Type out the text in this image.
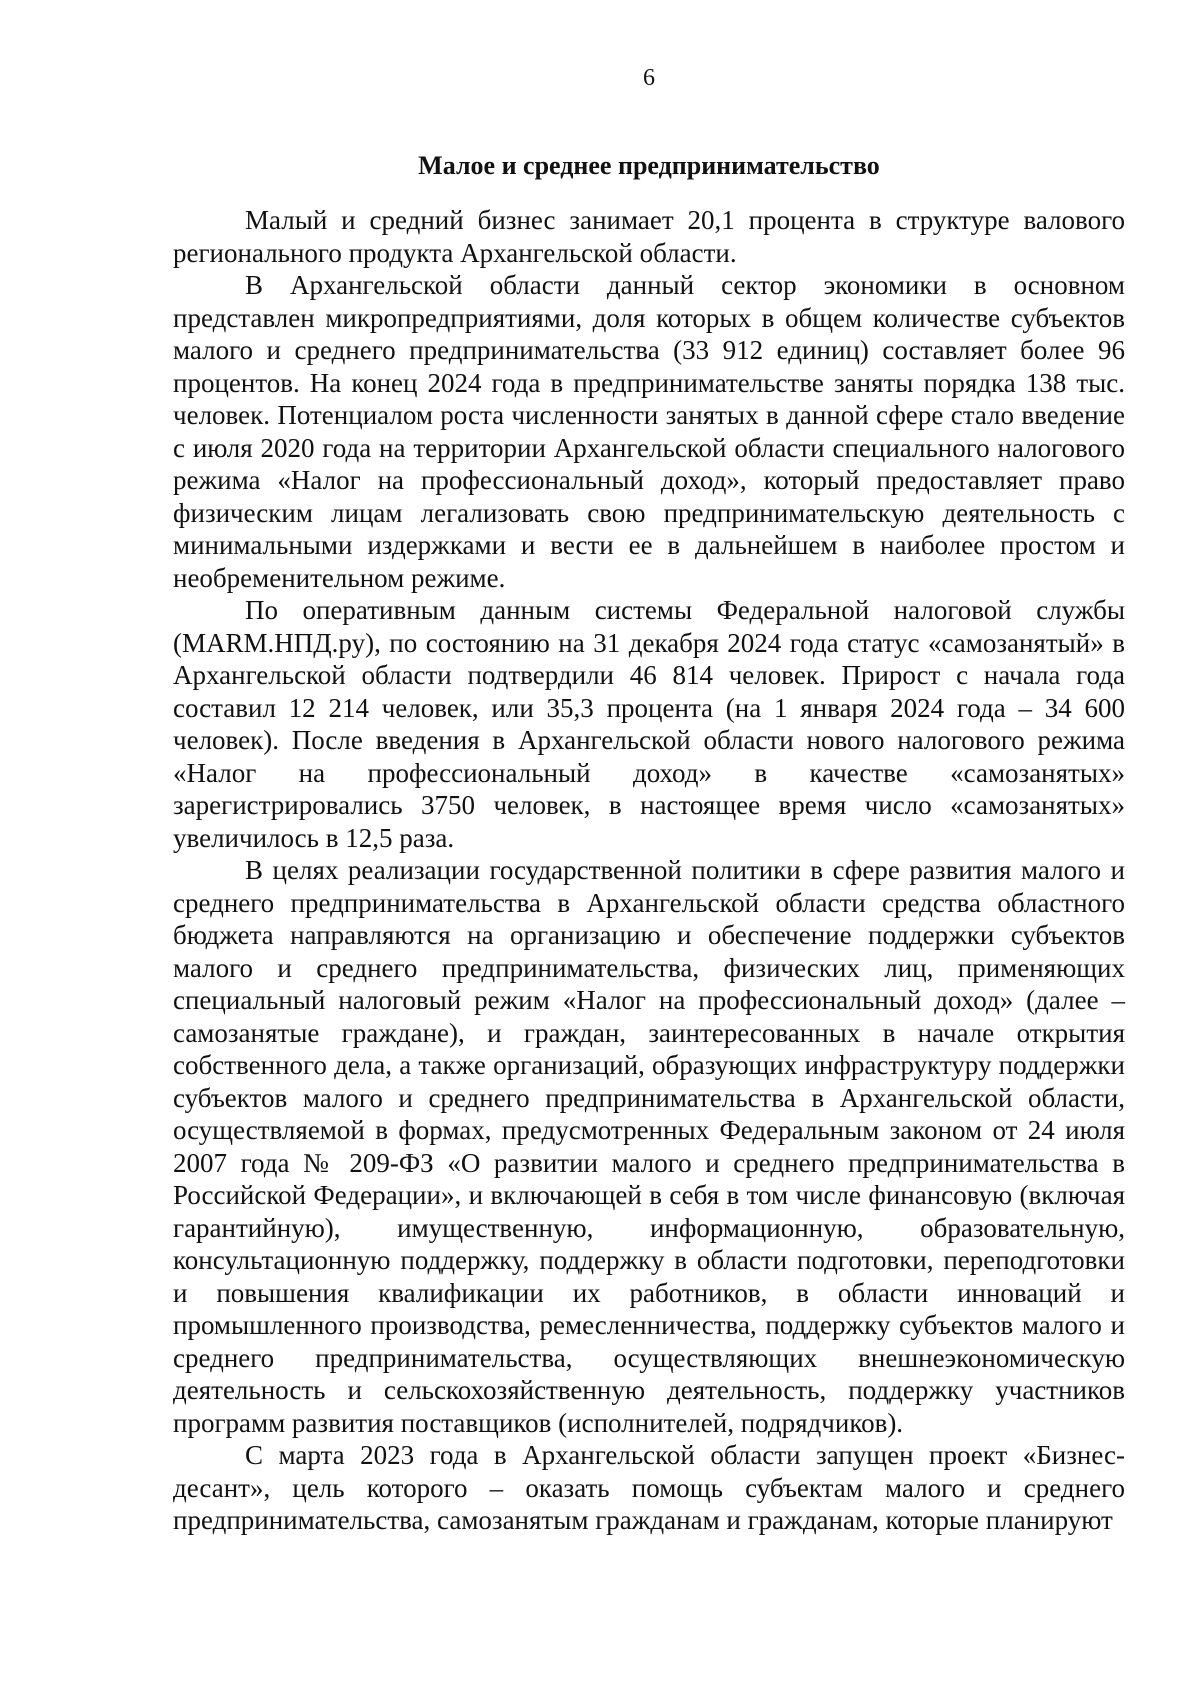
6
Малое и среднее предпринимательство

Малый и средний бизнес занимает 20,1 процента в структуре валового регионального продукта Архангельской области.

В Архангельской области данный сектор экономики в основном представлен микропредприятиями, доля которых в общем количестве субъектов малого и среднего предпринимательства (33 912 единиц) составляет более 96 процентов. На конец 2024 года в предпринимательстве заняты порядка 138 тыс. человек. Потенциалом роста численности занятых в данной сфере стало введение с июля 2020 года на территории Архангельской области специального налогового режима «Налог на профессиональный доход», который предоставляет право физическим лицам легализовать свою предпринимательскую деятельность с минимальными издержками и вести ее в дальнейшем в наиболее простом и необременительном режиме.

По оперативным данным системы Федеральной налоговой службы (MARM.НПД.ру), по состоянию на 31 декабря 2024 года статус «самозанятый» в Архангельской области подтвердили 46 814 человек. Прирост с начала года составил 12 214 человек, или 35,3 процента (на 1 января 2024 года – 34 600 человек). После введения в Архангельской области нового налогового режима «Налог на профессиональный доход» в качестве «самозанятых» зарегистрировались 3750 человек, в настоящее время число «самозанятых» увеличилось в 12,5 раза.

В целях реализации государственной политики в сфере развития малого и среднего предпринимательства в Архангельской области средства областного бюджета направляются на организацию и обеспечение поддержки субъектов малого и среднего предпринимательства, физических лиц, применяющих специальный налоговый режим «Налог на профессиональный доход» (далее – самозанятые граждане), и граждан, заинтересованных в начале открытия собственного дела, а также организаций, образующих инфраструктуру поддержки субъектов малого и среднего предпринимательства в Архангельской области, осуществляемой в формах, предусмотренных Федеральным законом от 24 июля 2007 года № 209-ФЗ «О развитии малого и среднего предпринимательства в Российской Федерации», и включающей в себя в том числе финансовую (включая гарантийную), имущественную, информационную, образовательную, консультационную поддержку, поддержку в области подготовки, переподготовки и повышения квалификации их работников, в области инноваций и промышленного производства, ремесленничества, поддержку субъектов малого и среднего предпринимательства, осуществляющих внешнеэкономическую деятельность и сельскохозяйственную деятельность, поддержку участников программ развития поставщиков (исполнителей, подрядчиков).

С марта 2023 года в Архангельской области запущен проект «Бизнес-десант», цель которого – оказать помощь субъектам малого и среднего предпринимательства, самозанятым гражданам и гражданам, которые планируют
